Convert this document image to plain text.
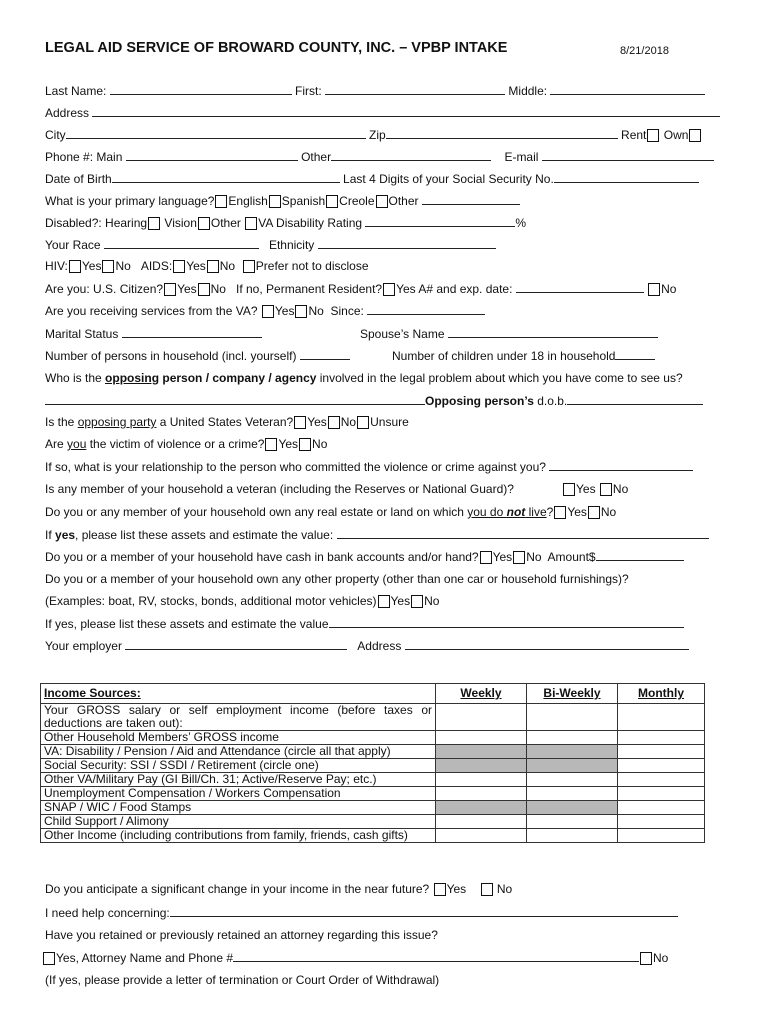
LEGAL AID SERVICE OF BROWARD COUNTY, INC. – VPBP INTAKE	8/21/2018
Last Name:	First:	Middle:
Address
City	Zip	Rent Own
Phone #: Main	Other	E-mail
Date of Birth	Last 4 Digits of your Social Security No.
What is your primary language? English Spanish Creole Other
Disabled?: Hearing Vision Other VA Disability Rating	%
Your Race	Ethnicity
HIV: Yes No AIDS: Yes No Prefer not to disclose
Are you: U.S. Citizen? Yes No If no, Permanent Resident? Yes A# and exp. date:	No
Are you receiving services from the VA? Yes No Since:
Marital Status	Spouse’s Name
Number of persons in household (incl. yourself)	Number of children under 18 in household
Who is the opposing person / company / agency involved in the legal problem about which you have come to see us?
Opposing person’s d.o.b.
Is the opposing party a United States Veteran? Yes No Unsure
Are you the victim of violence or a crime? Yes No
If so, what is your relationship to the person who committed the violence or crime against you?
Is any member of your household a veteran (including the Reserves or National Guard)?	Yes No
Do you or any member of your household own any real estate or land on which you do not live? Yes No
If yes, please list these assets and estimate the value:
Do you or a member of your household have cash in bank accounts and/or hand? Yes No Amount$
Do you or a member of your household own any other property (other than one car or household furnishings)?
(Examples: boat, RV, stocks, bonds, additional motor vehicles) Yes No
If yes, please list these assets and estimate the value
Your employer	Address
Income Sources:	Weekly	Bi-Weekly	Monthly
Your GROSS salary or self employment income (before taxes or deductions are taken out):			
Other Household Members’ GROSS income			
VA: Disability / Pension / Aid and Attendance (circle all that apply)			
Social Security: SSI / SSDI / Retirement (circle one)			
Other VA/Military Pay (GI Bill/Ch. 31; Active/Reserve Pay; etc.)			
Unemployment Compensation / Workers Compensation			
SNAP / WIC / Food Stamps			
Child Support / Alimony			
Other Income (including contributions from family, friends, cash gifts)			
Do you anticipate a significant change in your income in the near future? Yes	No
I need help concerning:
Have you retained or previously retained an attorney regarding this issue?
Yes, Attorney Name and Phone #	No
(If yes, please provide a letter of termination or Court Order of Withdrawal)
